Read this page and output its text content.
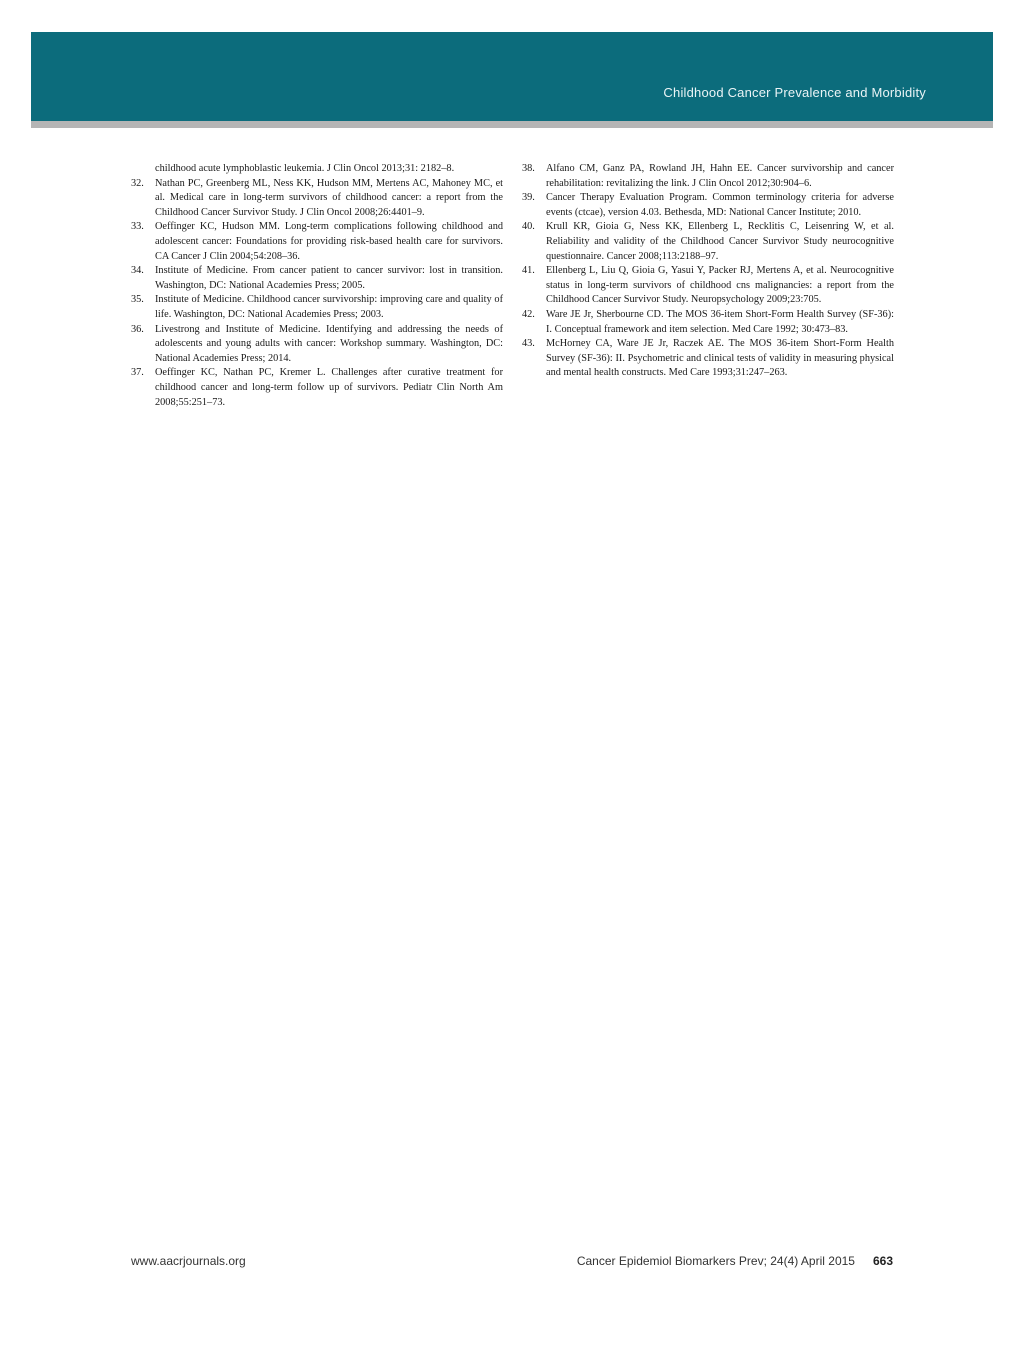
Childhood Cancer Prevalence and Morbidity
childhood acute lymphoblastic leukemia. J Clin Oncol 2013;31: 2182–8.
32.	Nathan PC, Greenberg ML, Ness KK, Hudson MM, Mertens AC, Mahoney MC, et al. Medical care in long-term survivors of childhood cancer: a report from the Childhood Cancer Survivor Study. J Clin Oncol 2008;26:4401–9.
33.	Oeffinger KC, Hudson MM. Long-term complications following childhood and adolescent cancer: Foundations for providing risk-based health care for survivors. CA Cancer J Clin 2004;54:208–36.
34.	Institute of Medicine. From cancer patient to cancer survivor: lost in transition. Washington, DC: National Academies Press; 2005.
35.	Institute of Medicine. Childhood cancer survivorship: improving care and quality of life. Washington, DC: National Academies Press; 2003.
36.	Livestrong and Institute of Medicine. Identifying and addressing the needs of adolescents and young adults with cancer: Workshop summary. Washington, DC: National Academies Press; 2014.
37.	Oeffinger KC, Nathan PC, Kremer L. Challenges after curative treatment for childhood cancer and long-term follow up of survivors. Pediatr Clin North Am 2008;55:251–73.
38.	Alfano CM, Ganz PA, Rowland JH, Hahn EE. Cancer survivorship and cancer rehabilitation: revitalizing the link. J Clin Oncol 2012;30:904–6.
39.	Cancer Therapy Evaluation Program. Common terminology criteria for adverse events (ctcae), version 4.03. Bethesda, MD: National Cancer Institute; 2010.
40.	Krull KR, Gioia G, Ness KK, Ellenberg L, Recklitis C, Leisenring W, et al. Reliability and validity of the Childhood Cancer Survivor Study neurocognitive questionnaire. Cancer 2008;113:2188–97.
41.	Ellenberg L, Liu Q, Gioia G, Yasui Y, Packer RJ, Mertens A, et al. Neurocognitive status in long-term survivors of childhood cns malignancies: a report from the Childhood Cancer Survivor Study. Neuropsychology 2009;23:705.
42.	Ware JE Jr, Sherbourne CD. The MOS 36-item Short-Form Health Survey (SF-36): I. Conceptual framework and item selection. Med Care 1992; 30:473–83.
43.	McHorney CA, Ware JE Jr, Raczek AE. The MOS 36-item Short-Form Health Survey (SF-36): II. Psychometric and clinical tests of validity in measuring physical and mental health constructs. Med Care 1993;31:247–263.
www.aacrjournals.org	Cancer Epidemiol Biomarkers Prev; 24(4) April 2015 663
